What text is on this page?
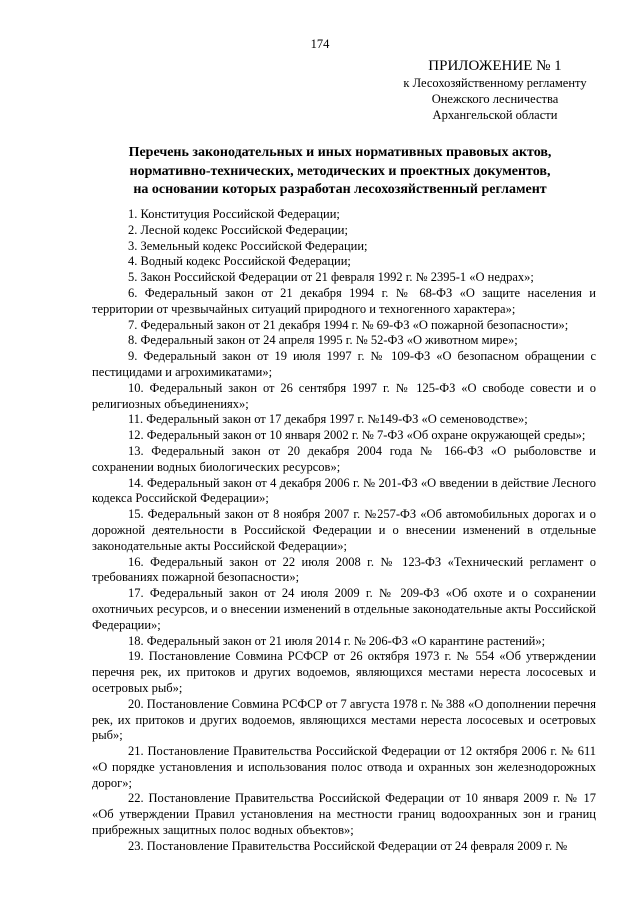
174
ПРИЛОЖЕНИЕ № 1
к Лесохозяйственному регламенту
Онежского лесничества
Архангельской области
Перечень законодательных и иных нормативных правовых актов,
нормативно-технических, методических и проектных документов,
на основании которых разработан лесохозяйственный регламент
1. Конституция Российской Федерации;
2. Лесной кодекс Российской Федерации;
3. Земельный кодекс Российской Федерации;
4. Водный кодекс Российской Федерации;
5. Закон Российской Федерации от 21 февраля 1992 г. № 2395-1 «О недрах»;
6. Федеральный закон от 21 декабря 1994 г. № 68-ФЗ «О защите населения и территории от чрезвычайных ситуаций природного и техногенного характера»;
7. Федеральный закон от 21 декабря 1994 г. № 69-ФЗ «О пожарной безопасности»;
8. Федеральный закон от 24 апреля 1995 г. № 52-ФЗ «О животном мире»;
9. Федеральный закон от 19 июля 1997 г. № 109-ФЗ «О безопасном обращении с пестицидами и агрохимикатами»;
10. Федеральный закон от 26 сентября 1997 г. № 125-ФЗ «О свободе совести и о религиозных объединениях»;
11. Федеральный закон от 17 декабря 1997 г. №149-ФЗ «О семеноводстве»;
12. Федеральный закон от 10 января 2002 г. № 7-ФЗ «Об охране окружающей среды»;
13. Федеральный закон от 20 декабря 2004 года № 166-ФЗ «О рыболовстве и сохранении водных биологических ресурсов»;
14. Федеральный закон от 4 декабря 2006 г. № 201-ФЗ «О введении в действие Лесного кодекса Российской Федерации»;
15. Федеральный закон от 8 ноября 2007 г. №257-ФЗ «Об автомобильных дорогах и о дорожной деятельности в Российской Федерации и о внесении изменений в отдельные законодательные акты Российской Федерации»;
16. Федеральный закон от 22 июля 2008 г. № 123-ФЗ «Технический регламент о требованиях пожарной безопасности»;
17. Федеральный закон от 24 июля 2009 г. № 209-ФЗ «Об охоте и о сохранении охотничьих ресурсов, и о внесении изменений в отдельные законодательные акты Российской Федерации»;
18. Федеральный закон от 21 июля 2014 г. № 206-ФЗ «О карантине растений»;
19. Постановление Совмина РСФСР от 26 октября 1973 г. № 554 «Об утверждении перечня рек, их притоков и других водоемов, являющихся местами нереста лососевых и осетровых рыб»;
20. Постановление Совмина РСФСР от 7 августа 1978 г. № 388 «О дополнении перечня рек, их притоков и других водоемов, являющихся местами нереста лососевых и осетровых рыб»;
21. Постановление Правительства Российской Федерации от 12 октября 2006 г. № 611 «О порядке установления и использования полос отвода и охранных зон железнодорожных дорог»;
22. Постановление Правительства Российской Федерации от 10 января 2009 г. № 17 «Об утверждении Правил установления на местности границ водоохранных зон и границ прибрежных защитных полос водных объектов»;
23. Постановление Правительства Российской Федерации от 24 февраля 2009 г. №
